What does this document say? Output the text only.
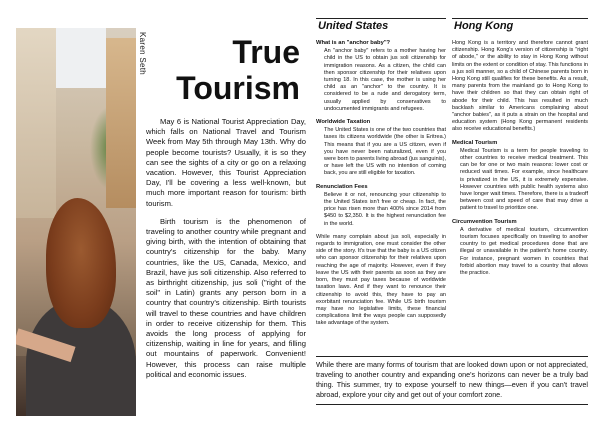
Karen Seth	True
Tourism

May 6 is National Tourist Appreciation Day, which falls on National Travel and Tourism Week from May 5th through May 13th. Why do people become tourists? Usually, it is so they can see the sights of a city or go on a relaxing vacation. However, this Tourist Appreciation Day, I'll be covering a less well-known, but much more important reason for tourism: birth tourism.

Birth tourism is the phenomenon of traveling to another country while pregnant and giving birth, with the intention of obtaining that country's citizenship for the baby. Many countries, like the US, Canada, Mexico, and Brazil, have jus soli citizenship. Also referred to as birthright citizenship, jus soli ("right of the soil" in Latin) grants any person born in a country that country's citizenship. Birth tourists will travel to these countries and have children in order to receive citizenship for them. This avoids the long process of applying for citizenship, waiting in line for years, and filling out mountains of paperwork. Convenient! However, this process can raise multiple political and economic issues.

United States	Hong Kong
What is an "anchor baby"?
An "anchor baby" refers to a mother having her child in the US to obtain jus soli citizenship for immigration reasons. As a citizen, the child can then sponsor citizenship for their relatives upon turning 18. In this case, the mother is using her child as an "anchor" to the country. It is considered to be a rude and derogatory term, usually applied by conservatives to undocumented immigrants and refugees.
Worldwide Taxation
The United States is one of the two countries that taxes its citizens worldwide (the other is Eritrea.) This means that if you are a US citizen, even if you have never been naturalized, even if you were born to parents living abroad (jus sanguinis), or have left the US with no intention of coming back, you are still eligible for taxation.
Renunciation Fees
Believe it or not, renouncing your citizenship to the United States isn't free or cheap. In fact, the price has risen more than 400% since 2014 from $450 to $2,350. It is the highest renunciation fee in the world.
While many complain about jus soli, especially in regards to immigration, one must consider the other side of the story. It's true that the baby is a US citizen who can sponsor citizenship for their relatives upon reaching the age of majority. However, even if they leave the US with their parents as soon as they are born, they must pay taxes because of worldwide taxation laws. And if they want to renounce their citizenship to avoid this, they have to pay an exorbitant renunciation fee. While US birth tourism may have no legislative limits, these financial complications limit the ways people can supposedly take advantage of the system.
Hong Kong is a territory and therefore cannot grant citizenship. Hong Kong's version of citizenship is "right of abode," or the ability to stay in Hong Kong without limits on the extent or condition of stay. This functions in a jus soli manner, so a child of Chinese parents born in Hong Kong still qualifies for these benefits. As a result, many parents from the mainland go to Hong Kong to have their children so that they can obtain right of abode for their child. This has resulted in much backlash similar to Americans complaining about "anchor babies", as it puts a strain on the hospital and education system (Hong Kong permanent residents also receive educational benefits.)
Medical Tourism
Medical Tourism is a term for people traveling to other countries to receive medical treatment. This can be for one or two main reasons: lower cost or reduced wait times. For example, since healthcare is privatized in the US, it is extremely expensive. However countries with public health systems also have longer wait times. Therefore, there is a tradeoff between cost and speed of care that may drive a patient to travel to prioritize one.
Circumvention Tourism
A derivative of medical tourism, circumvention tourism focuses specifically on traveling to another country to get medical procedures done that are illegal or unavailable in the patient's home country. For instance, pregnant women in countries that forbid abortion may travel to a country that allows the practice.
While there are many forms of tourism that are looked down upon or not appreciated, traveling to another country and expanding one's horizons can never be a truly bad thing. This summer, try to expose yourself to new things—even if you can't travel abroad, explore your city and get out of your comfort zone.
